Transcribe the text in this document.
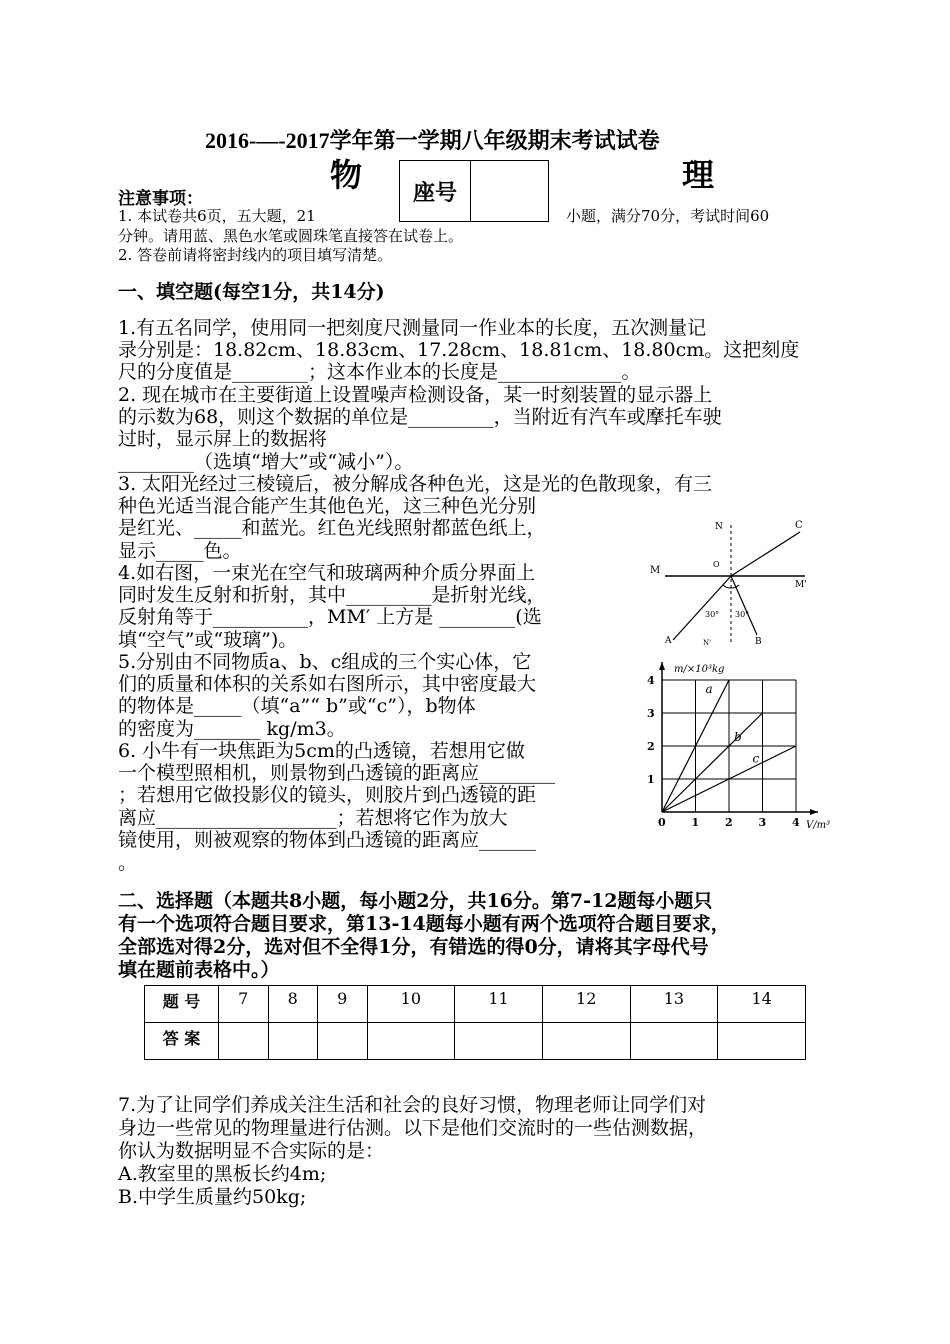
2016-—-2017学年第一学期八年级期末考试试卷
物	理
座号
注意事项：
1. 本试卷共6页，五大题，21	小题，满分70分，考试时间60
分钟。请用蓝、黑色水笔或圆珠笔直接答在试卷上。
2. 答卷前请将密封线内的项目填写清楚。
一、填空题(每空1分，共14分)
1.有五名同学，使用同一把刻度尺测量同一作业本的长度，五次测量记
录分别是：18.82cm、18.83cm、17.28cm、18.81cm、18.80cm。这把刻度
尺的分度值是________；这本作业本的长度是_____________。
2. 现在城市在主要街道上设置噪声检测设备，某一时刻装置的显示器上
的示数为68，则这个数据的单位是_________，当附近有汽车或摩托车驶
过时，显示屏上的数据将
________（选填“增大”或“减小”）。
3. 太阳光经过三棱镜后，被分解成各种色光，这是光的色散现象，有三
种色光适当混合能产生其他色光，这三种色光分别
是红光、_____和蓝光。红色光线照射都蓝色纸上，
显示_____色。
4.如右图，一束光在空气和玻璃两种介质分界面上
同时发生反射和折射，其中_________是折射光线，
反射角等于__________，MM′ 上方是 ________(选
填“空气”或“玻璃”)。
5.分别由不同物质a、b、c组成的三个实心体，它
们的质量和体积的关系如右图所示，其中密度最大
的物体是_____（填“a”“ b”或“c”），b物体
的密度为_______ kg/m3。
6. 小牛有一块焦距为5cm的凸透镜，若想用它做
一个模型照相机，则景物到凸透镜的距离应________
；若想用它做投影仪的镜头，则胶片到凸透镜的距
离应___________________；若想将它作为放大
镜使用，则被观察的物体到凸透镜的距离应______
。
N	C
O
M
M'
30° 30°
A	N'	B
0 1 2 3 4
1
2
3
4
m/×10³kg
V/m³
a
b
c
二、选择题（本题共8小题，每小题2分，共16分。第7-12题每小题只
有一个选项符合题目要求，第13-14题每小题有两个选项符合题目要求，
全部选对得2分，选对但不全得1分，有错选的得0分，请将其字母代号
填在题前表格中。）
题 号	7	8	9	10	11	12	13	14
答 案								
7.为了让同学们养成关注生活和社会的良好习惯，物理老师让同学们对
身边一些常见的物理量进行估测。以下是他们交流时的一些估测数据，
你认为数据明显不合实际的是：
A.教室里的黑板长约4m;
B.中学生质量约50kg;
